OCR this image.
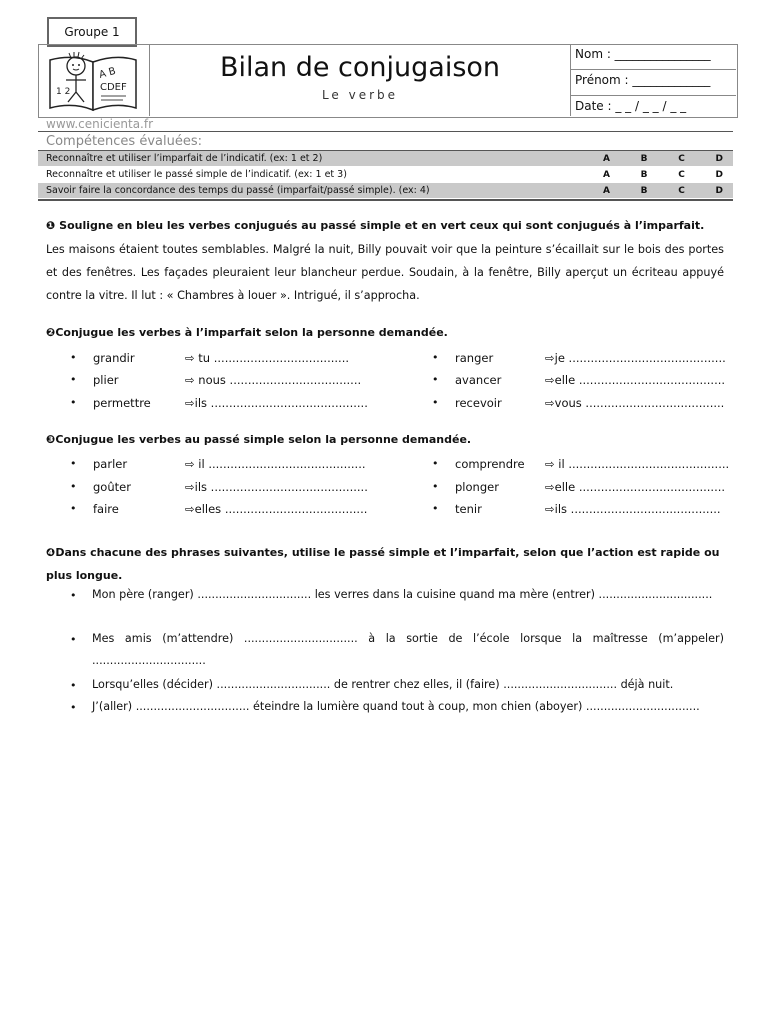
Groupe 1
A B
CDEF
1 2
Bilan de conjugaison
Le verbe
Nom : ________________
Prénom : _____________
Date : _ _ / _ _ / _ _
www.cenicienta.fr
Compétences évaluées:
Reconnaître et utiliser l’imparfait de l’indicatif. (ex: 1 et 2)	A	B	C	D
Reconnaître et utiliser le passé simple de l’indicatif. (ex: 1 et 3)	A	B	C	D
Savoir faire la concordance des temps du passé (imparfait/passé simple). (ex: 4)	A	B	C	D
❶ Souligne en bleu les verbes conjugués au passé simple et en vert ceux qui sont conjugués à l’imparfait.
Les maisons étaient toutes semblables. Malgré la nuit, Billy pouvait voir que la peinture s’écaillait sur le bois des portes et des fenêtres. Les façades pleuraient leur blancheur perdue. Soudain, à la fenêtre, Billy aperçut un écriteau appuyé contre la vitre. Il lut : « Chambres à louer ». Intrigué, il s’approcha.
❷Conjugue les verbes à l’imparfait selon la personne demandée.
• grandir	⇨ tu .....................................	• ranger	⇨je ...........................................
• plier	⇨ nous ....................................	• avancer	⇨elle ........................................
• permettre	⇨ils ...........................................	• recevoir	⇨vous ......................................
❸Conjugue les verbes au passé simple selon la personne demandée.
• parler	⇨ il ...........................................	• comprendre ⇨ il ............................................
• goûter	⇨ils ...........................................	• plonger	⇨elle ........................................
• faire	⇨elles .......................................	• tenir	⇨ils .........................................
❹Dans chacune des phrases suivantes, utilise le passé simple et l’imparfait, selon que l’action est rapide ou plus longue.
• Mon père (ranger) ................................ les verres dans la cuisine quand ma mère (entrer) ................................
• Mes amis (m’attendre) ................................ à la sortie de l’école lorsque la maîtresse (m’appeler) ................................
• Lorsqu’elles (décider) ................................ de rentrer chez elles, il (faire) ................................ déjà nuit.
• J’(aller) ................................ éteindre la lumière quand tout à coup, mon chien (aboyer) ................................
